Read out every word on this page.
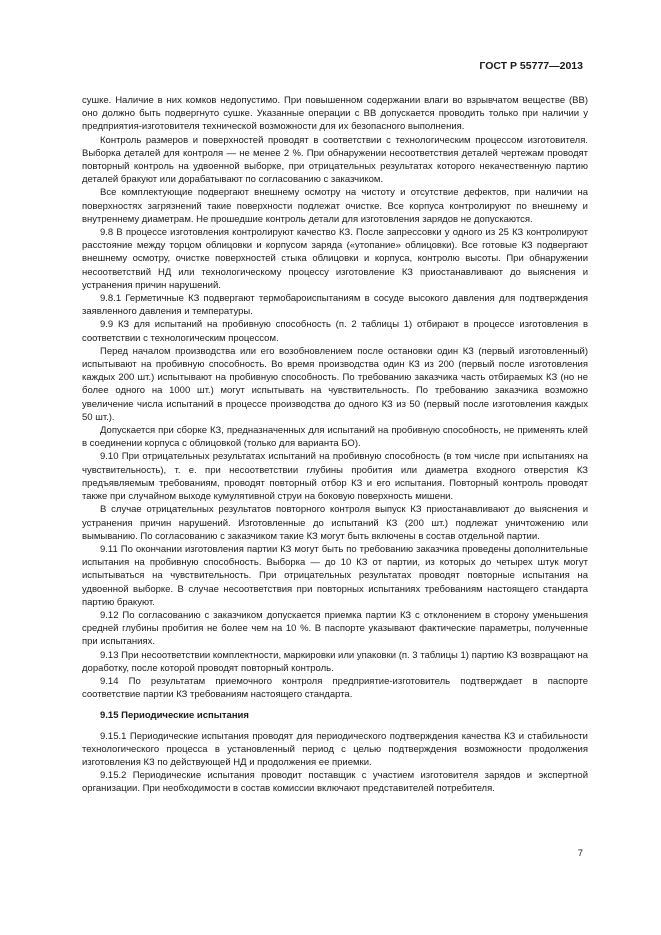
ГОСТ Р 55777—2013

сушке. Наличие в них комков недопустимо. При повышенном содержании влаги во взрывчатом веществе (ВВ) оно должно быть подвергнуто сушке. Указанные операции с ВВ допускается проводить только при наличии у предприятия-изготовителя технической возможности для их безопасного выполнения.

Контроль размеров и поверхностей проводят в соответствии с технологическим процессом изготовителя. Выборка деталей для контроля — не менее 2 %. При обнаружении несоответствия деталей чертежам проводят повторный контроль на удвоенной выборке, при отрицательных результатах которого некачественную партию деталей бракуют или дорабатывают по согласованию с заказчиком.

Все комплектующие подвергают внешнему осмотру на чистоту и отсутствие дефектов, при наличии на поверхностях загрязнений такие поверхности подлежат очистке. Все корпуса контролируют по внешнему и внутреннему диаметрам. Не прошедшие контроль детали для изготовления зарядов не допускаются.

9.8 В процессе изготовления контролируют качество КЗ. После запрессовки у одного из 25 КЗ контролируют расстояние между торцом облицовки и корпусом заряда («утопание» облицовки). Все готовые КЗ подвергают внешнему осмотру, очистке поверхностей стыка облицовки и корпуса, контролю высоты. При обнаружении несоответствий НД или технологическому процессу изготовление КЗ приостанавливают до выяснения и устранения причин нарушений.

9.8.1 Герметичные КЗ подвергают термобароиспытаниям в сосуде высокого давления для подтверждения заявленного давления и температуры.

9.9 КЗ для испытаний на пробивную способность (п. 2 таблицы 1) отбирают в процессе изготовления в соответствии с технологическим процессом.

Перед началом производства или его возобновлением после остановки один КЗ (первый изготовленный) испытывают на пробивную способность. Во время производства один КЗ из 200 (первый после изготовления каждых 200 шт.) испытывают на пробивную способность. По требованию заказчика часть отбираемых КЗ (но не более одного на 1000 шт.) могут испытывать на чувствительность. По требованию заказчика возможно увеличение числа испытаний в процессе производства до одного КЗ из 50 (первый после изготовления каждых 50 шт.).

Допускается при сборке КЗ, предназначенных для испытаний на пробивную способность, не применять клей в соединении корпуса с облицовкой (только для варианта БО).

9.10 При отрицательных результатах испытаний на пробивную способность (в том числе при испытаниях на чувствительность), т. е. при несоответствии глубины пробития или диаметра входного отверстия КЗ предъявляемым требованиям, проводят повторный отбор КЗ и его испытания. Повторный контроль проводят также при случайном выходе кумулятивной струи на боковую поверхность мишени.

В случае отрицательных результатов повторного контроля выпуск КЗ приостанавливают до выяснения и устранения причин нарушений. Изготовленные до испытаний КЗ (200 шт.) подлежат уничтожению или вымыванию. По согласованию с заказчиком такие КЗ могут быть включены в состав отдельной партии.

9.11 По окончании изготовления партии КЗ могут быть по требованию заказчика проведены дополнительные испытания на пробивную способность. Выборка — до 10 КЗ от партии, из которых до четырех штук могут испытываться на чувствительность. При отрицательных результатах проводят повторные испытания на удвоенной выборке. В случае несоответствия при повторных испытаниях требованиям настоящего стандарта партию бракуют.

9.12 По согласованию с заказчиком допускается приемка партии КЗ с отклонением в сторону уменьшения средней глубины пробития не более чем на 10 %. В паспорте указывают фактические параметры, полученные при испытаниях.

9.13 При несоответствии комплектности, маркировки или упаковки (п. 3 таблицы 1) партию КЗ возвращают на доработку, после которой проводят повторный контроль.

9.14 По результатам приемочного контроля предприятие-изготовитель подтверждает в паспорте соответствие партии КЗ требованиям настоящего стандарта.

9.15 Периодические испытания

9.15.1 Периодические испытания проводят для периодического подтверждения качества КЗ и стабильности технологического процесса в установленный период с целью подтверждения возможности продолжения изготовления КЗ по действующей НД и продолжения ее приемки.

9.15.2 Периодические испытания проводит поставщик с участием изготовителя зарядов и экспертной организации. При необходимости в состав комиссии включают представителей потребителя.

7
